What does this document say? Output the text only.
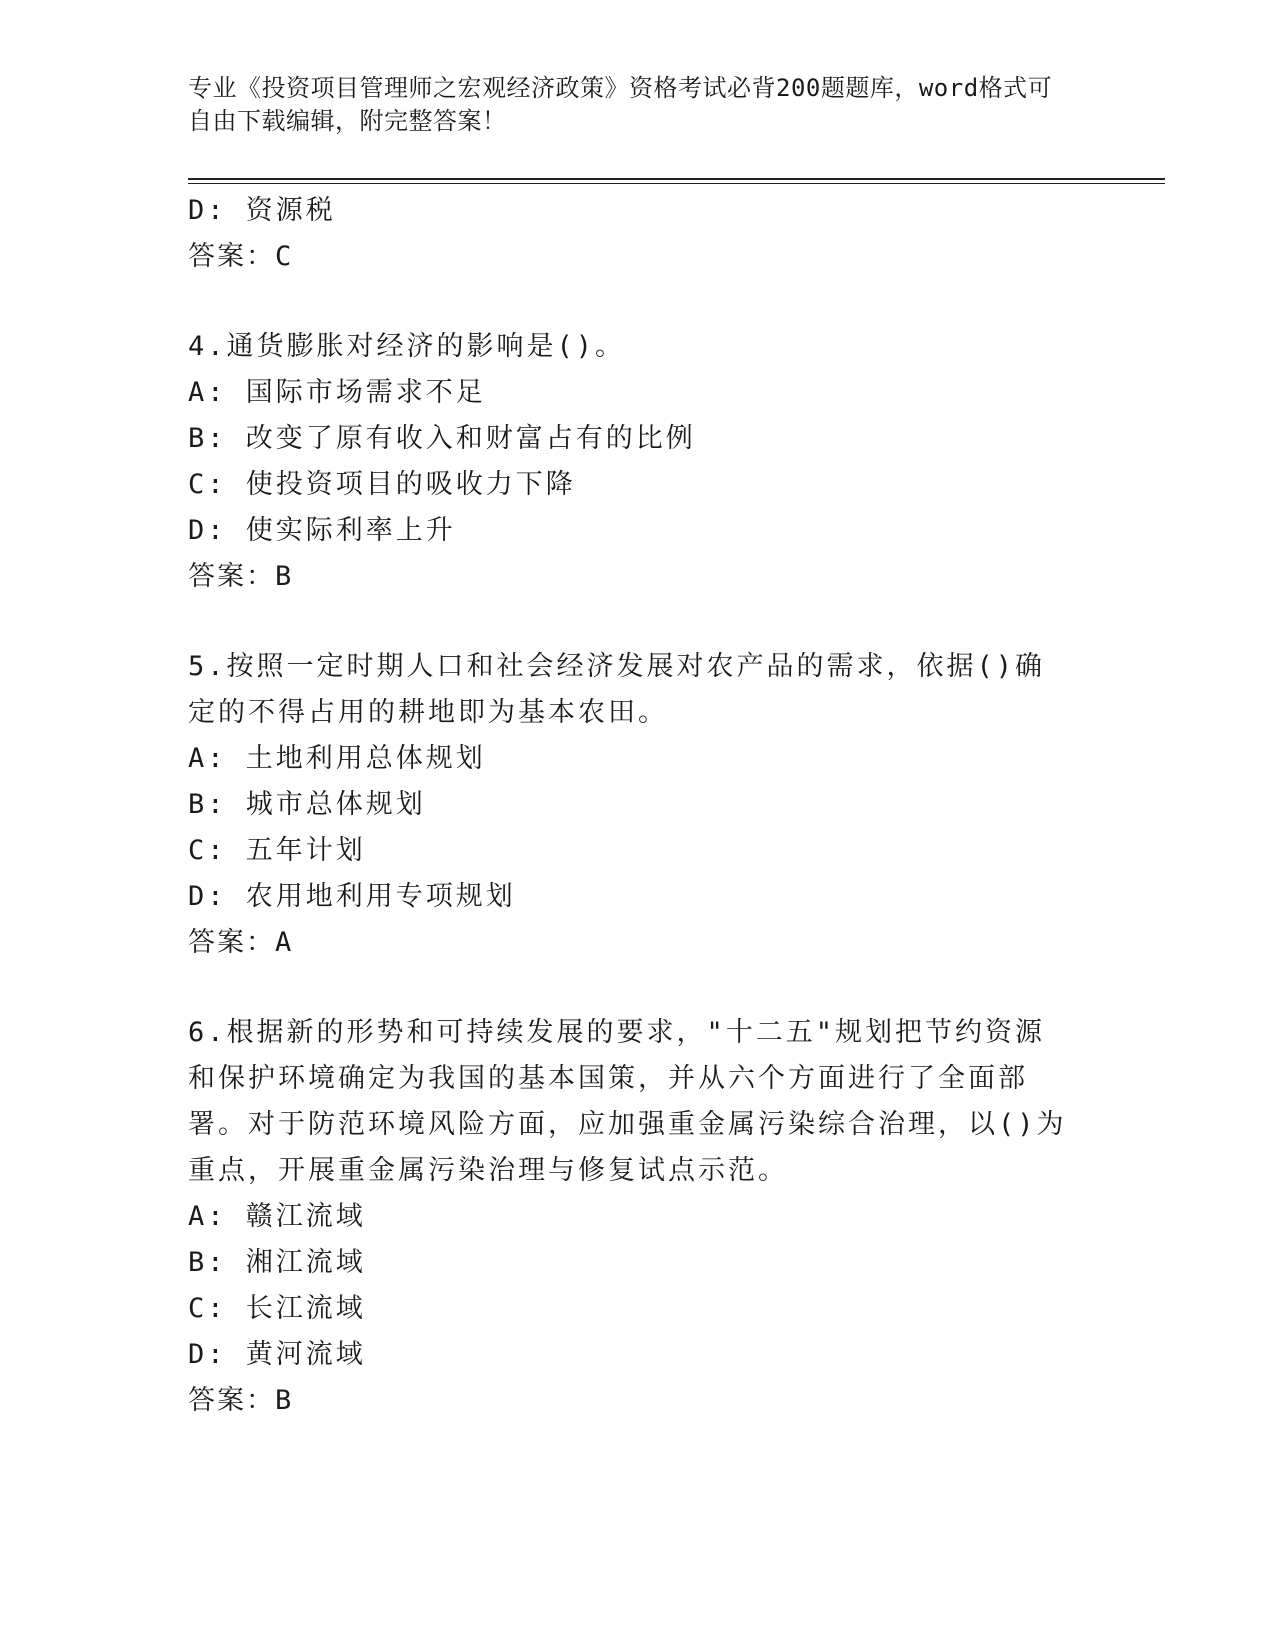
专业《投资项目管理师之宏观经济政策》资格考试必背200题题库，word格式可自由下载编辑，附完整答案！

D: 资源税

答案：C

4.通货膨胀对经济的影响是()。

A: 国际市场需求不足

B: 改变了原有收入和财富占有的比例

C: 使投资项目的吸收力下降

D: 使实际利率上升

答案：B

5.按照一定时期人口和社会经济发展对农产品的需求，依据()确定的不得占用的耕地即为基本农田。

A: 土地利用总体规划

B: 城市总体规划

C: 五年计划

D: 农用地利用专项规划

答案：A

6.根据新的形势和可持续发展的要求，"十二五"规划把节约资源和保护环境确定为我国的基本国策，并从六个方面进行了全面部署。对于防范环境风险方面，应加强重金属污染综合治理，以()为重点，开展重金属污染治理与修复试点示范。

A: 赣江流域

B: 湘江流域

C: 长江流域

D: 黄河流域

答案：B
